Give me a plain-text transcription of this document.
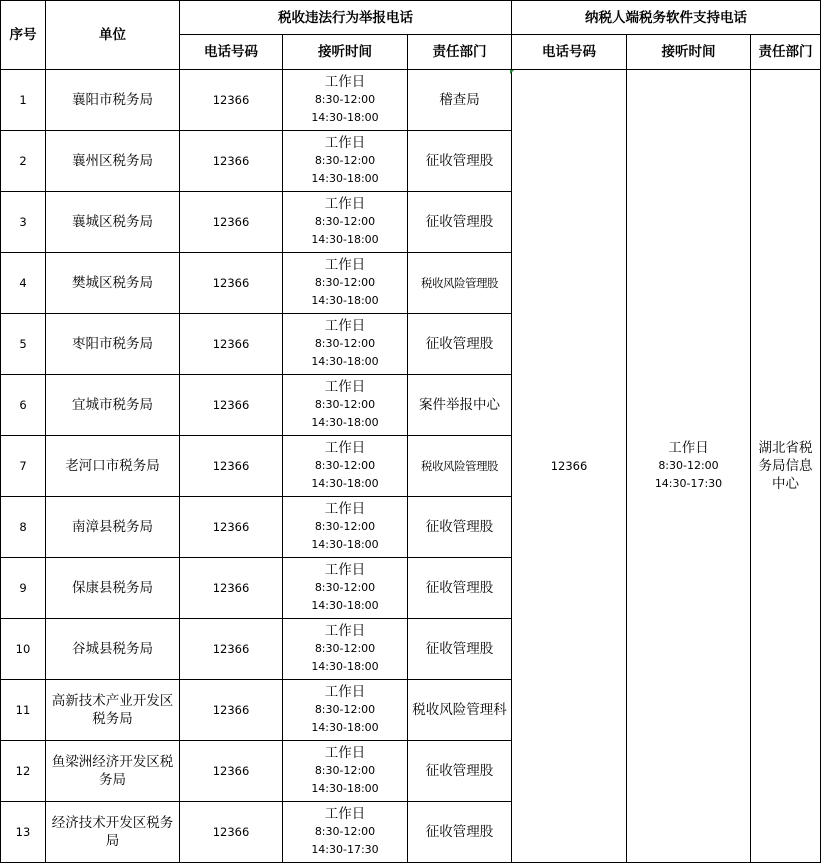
序号	单位	税收违法行为举报电话			纳税人端税务软件支持电话		
		电话号码	接听时间	责任部门	电话号码	接听时间	责任部门
1	襄阳市税务局	12366	工作日
8:30-12:00
14:30-18:00	稽查局	12366	工作日
8:30-12:00
14:30-17:30	湖北省税务局信息中心
2	襄州区税务局	12366	工作日
8:30-12:00
14:30-18:00	征收管理股			
3	襄城区税务局	12366	工作日
8:30-12:00
14:30-18:00	征收管理股			
4	樊城区税务局	12366	工作日
8:30-12:00
14:30-18:00	税收风险管理股			
5	枣阳市税务局	12366	工作日
8:30-12:00
14:30-18:00	征收管理股			
6	宜城市税务局	12366	工作日
8:30-12:00
14:30-18:00	案件举报中心			
7	老河口市税务局	12366	工作日
8:30-12:00
14:30-18:00	税收风险管理股			
8	南漳县税务局	12366	工作日
8:30-12:00
14:30-18:00	征收管理股			
9	保康县税务局	12366	工作日
8:30-12:00
14:30-18:00	征收管理股			
10	谷城县税务局	12366	工作日
8:30-12:00
14:30-18:00	征收管理股			
11	高新技术产业开发区税务局	12366	工作日
8:30-12:00
14:30-18:00	税收风险管理科			
12	鱼梁洲经济开发区税务局	12366	工作日
8:30-12:00
14:30-18:00	征收管理股			
13	经济技术开发区税务局	12366	工作日
8:30-12:00
14:30-17:30	征收管理股			
